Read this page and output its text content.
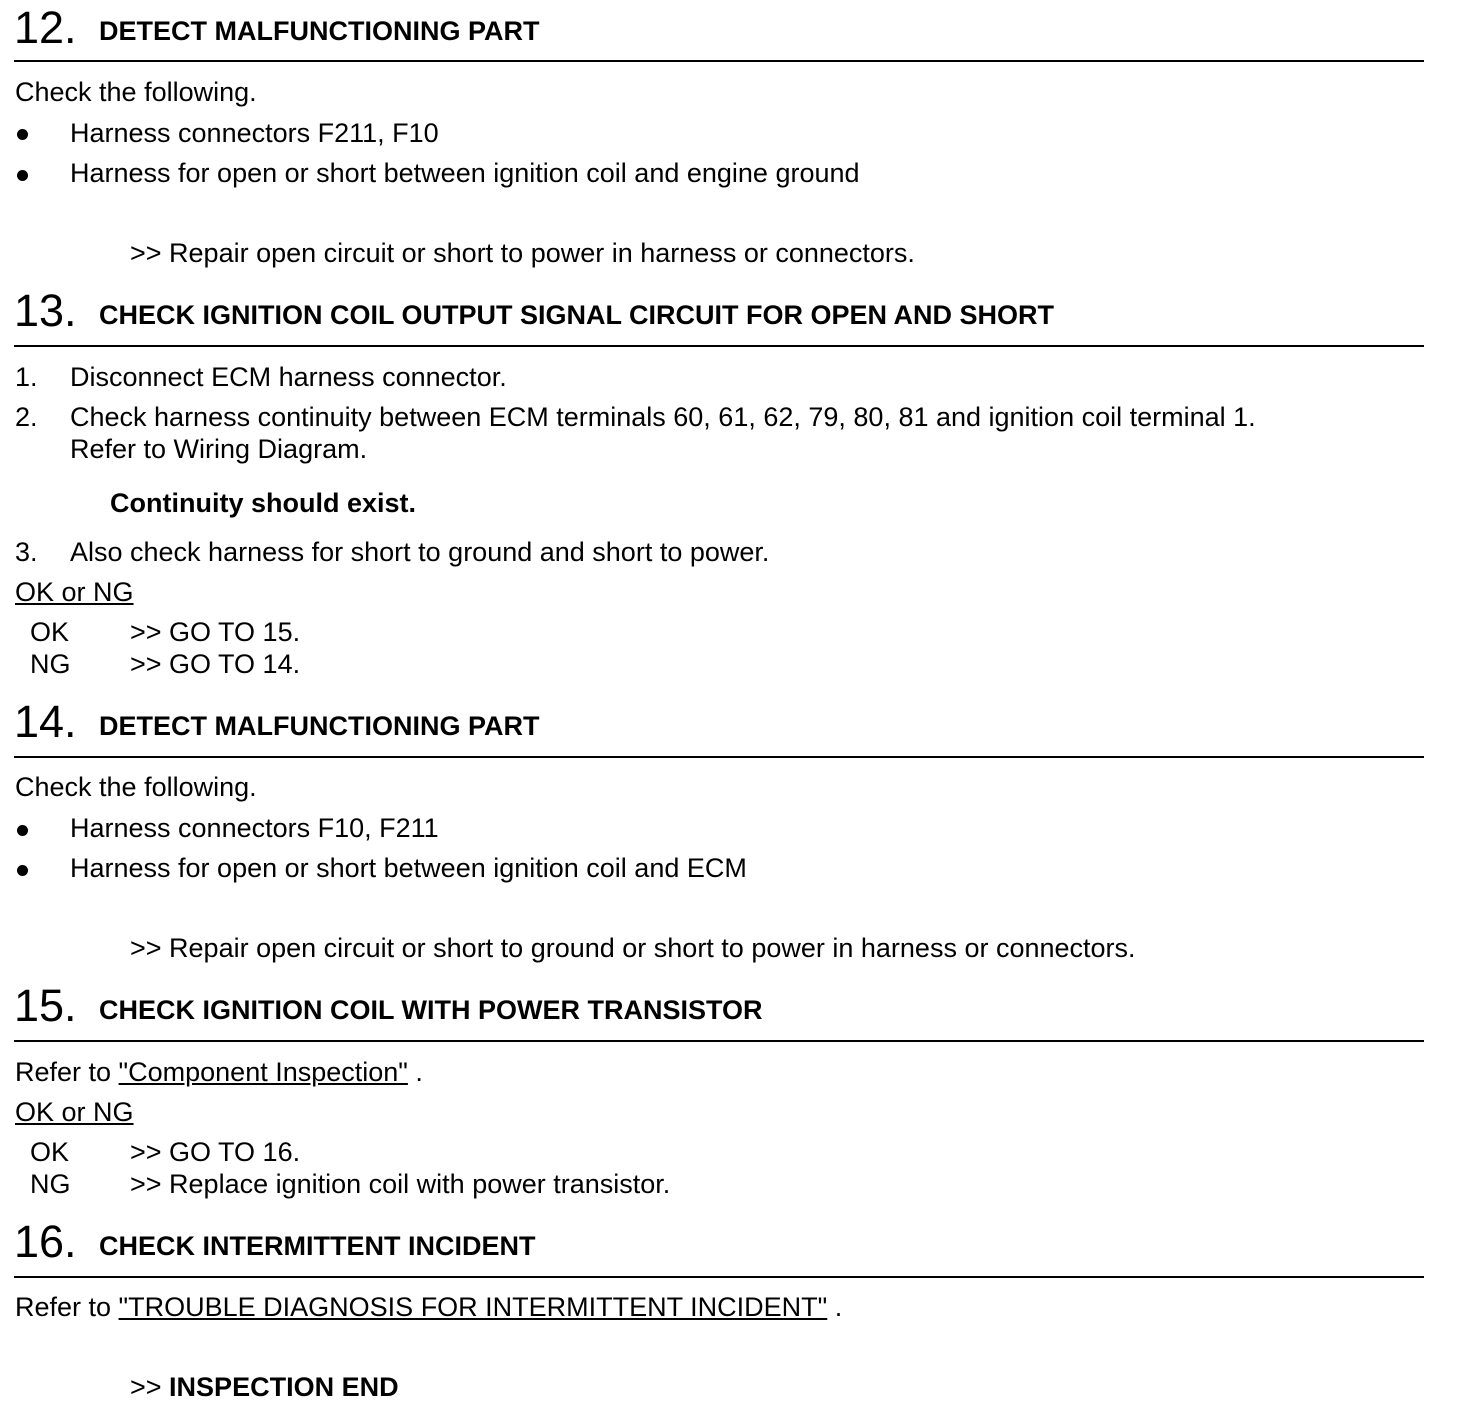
12. DETECT MALFUNCTIONING PART
Check the following.
Harness connectors F211, F10
Harness for open or short between ignition coil and engine ground
>> Repair open circuit or short to power in harness or connectors.
13. CHECK IGNITION COIL OUTPUT SIGNAL CIRCUIT FOR OPEN AND SHORT
1. Disconnect ECM harness connector.
2. Check harness continuity between ECM terminals 60, 61, 62, 79, 80, 81 and ignition coil terminal 1.
Refer to Wiring Diagram.
Continuity should exist.
3. Also check harness for short to ground and short to power.
OK or NG
OK >> GO TO 15.
NG >> GO TO 14.
14. DETECT MALFUNCTIONING PART
Check the following.
Harness connectors F10, F211
Harness for open or short between ignition coil and ECM
>> Repair open circuit or short to ground or short to power in harness or connectors.
15. CHECK IGNITION COIL WITH POWER TRANSISTOR
Refer to "Component Inspection" .
OK or NG
OK >> GO TO 16.
NG >> Replace ignition coil with power transistor.
16. CHECK INTERMITTENT INCIDENT
Refer to "TROUBLE DIAGNOSIS FOR INTERMITTENT INCIDENT" .
>> INSPECTION END
